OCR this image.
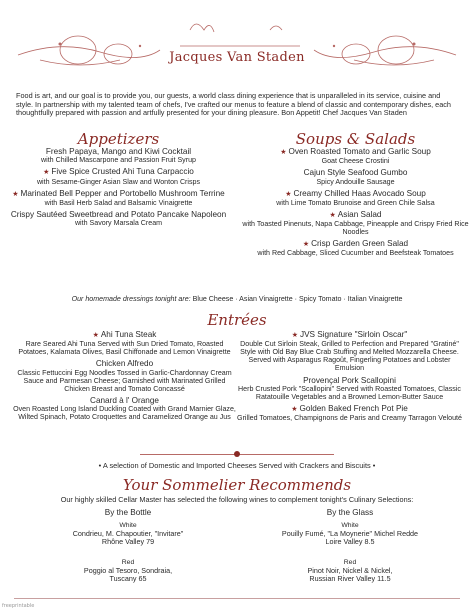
Jacques Van Staden
Food is art, and our goal is to provide you, our guests, a world class dining experience that is unparalleled in its service, cuisine and style. In partnership with my talented team of chefs, I've crafted our menus to feature a blend of classic and contemporary dishes, each thoughtfully prepared with passion and artfully presented for your dining pleasure. Bon Appetit! Chef Jacques Van Staden
Appetizers
Fresh Papaya, Mango and Kiwi Cocktail
with Chilled Mascarpone and Passion Fruit Syrup
★ Five Spice Crusted Ahi Tuna Carpaccio
with Sesame-Ginger Asian Slaw and Wonton Crisps
★ Marinated Bell Pepper and Portobello Mushroom Terrine
with Basil Herb Salad and Balsamic Vinaigrette
Crispy Sautéed Sweetbread and Potato Pancake Napoleon
with Savory Marsala Cream
Soups & Salads
★ Oven Roasted Tomato and Garlic Soup
Goat Cheese Crostini
Cajun Style Seafood Gumbo
Spicy Andouille Sausage
★ Creamy Chilled Haas Avocado Soup
with Lime Tomato Brunoise and Green Chile Salsa
★ Asian Salad
with Toasted Pinenuts, Napa Cabbage, Pineapple and Crispy Fried Rice Noodles
★ Crisp Garden Green Salad
with Red Cabbage, Sliced Cucumber and Beefsteak Tomatoes
Our homemade dressings tonight are: Blue Cheese · Asian Vinaigrette · Spicy Tomato · Italian Vinaigrette
Entrées
★ Ahi Tuna Steak
Rare Seared Ahi Tuna Served with Sun Dried Tomato, Roasted Potatoes, Kalamata Olives, Basil Chiffonade and Lemon Vinaigrette
Chicken Alfredo
Classic Fettuccini Egg Noodles Tossed in Garlic-Chardonnay Cream Sauce and Parmesan Cheese; Garnished with Marinated Grilled Chicken Breast and Tomato Concassé
Canard à l' Orange
Oven Roasted Long Island Duckling Coated with Grand Marnier Glaze, Wilted Spinach, Potato Croquettes and Caramelized Orange au Jus
★ JVS Signature "Sirloin Oscar"
Double Cut Sirloin Steak, Grilled to Perfection and Prepared "Gratiné" Style with Old Bay Blue Crab Stuffing and Melted Mozzarella Cheese. Served with Asparagus Ragoût, Fingerling Potatoes and Lobster Emulsion
Provençal Pork Scallopini
Herb Crusted Pork "Scallopini" Served with Roasted Tomatoes, Classic Ratatouille Vegetables and a Browned Lemon-Butter Sauce
★ Golden Baked French Pot Pie
Grilled Tomatoes, Champignons de Paris and Creamy Tarragon Velouté
• A selection of Domestic and Imported Cheeses Served with Crackers and Biscuits •
Your Sommelier Recommends
Our highly skilled Cellar Master has selected the following wines to complement tonight's Culinary Selections:
By the Bottle
White
Condrieu, M. Chapoutier, "Invitare"
Rhône Valley 79
Red
Poggio al Tesoro, Sondraia,
Tuscany 65
By the Glass
White
Pouilly Fumé, "La Moynerie" Michel Redde
Loire Valley 8.5
Red
Pinot Noir, Nickel & Nickel,
Russian River Valley 11.5
freeprintable
